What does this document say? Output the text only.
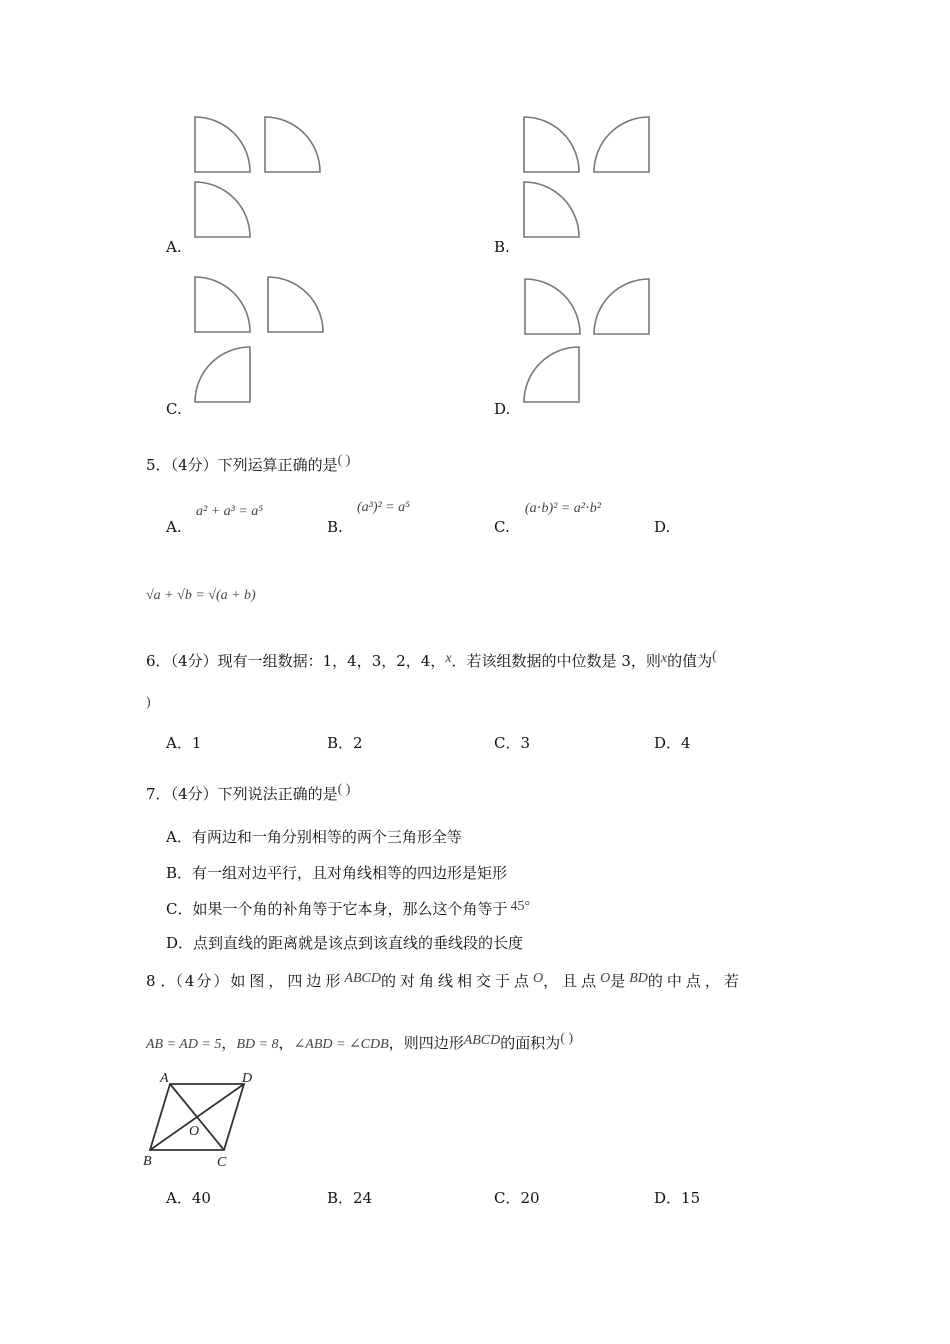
A.	B.
C.	D.
5．（4分）下列运算正确的是( )
A.
a² + a³ = a⁵
B.
(a³)² = a⁵
C.
(a⋅b)² = a²⋅b²
D.
√a + √b = √(a + b)
6．（4分）现有一组数据：1，4，3，2，4，x．若该组数据的中位数是 3，则x的值为(
)
A．1	B．2	C．3	D．4
7．（4分）下列说法正确的是( )
A．有两边和一角分别相等的两个三角形全等
B．有一组对边平行，且对角线相等的四边形是矩形
C．如果一个角的补角等于它本身，那么这个角等于 45°
D．点到直线的距离就是该点到该直线的垂线段的长度
8 ．（4分）如图，四边形ABCD的对角线相交于点O，且点O是BD的中点，若
AB = AD = 5，BD = 8，∠ABD = ∠CDB，则四边形ABCD的面积为( )
A	D
B	C
O
A．40	B．24	C．20	D．15
